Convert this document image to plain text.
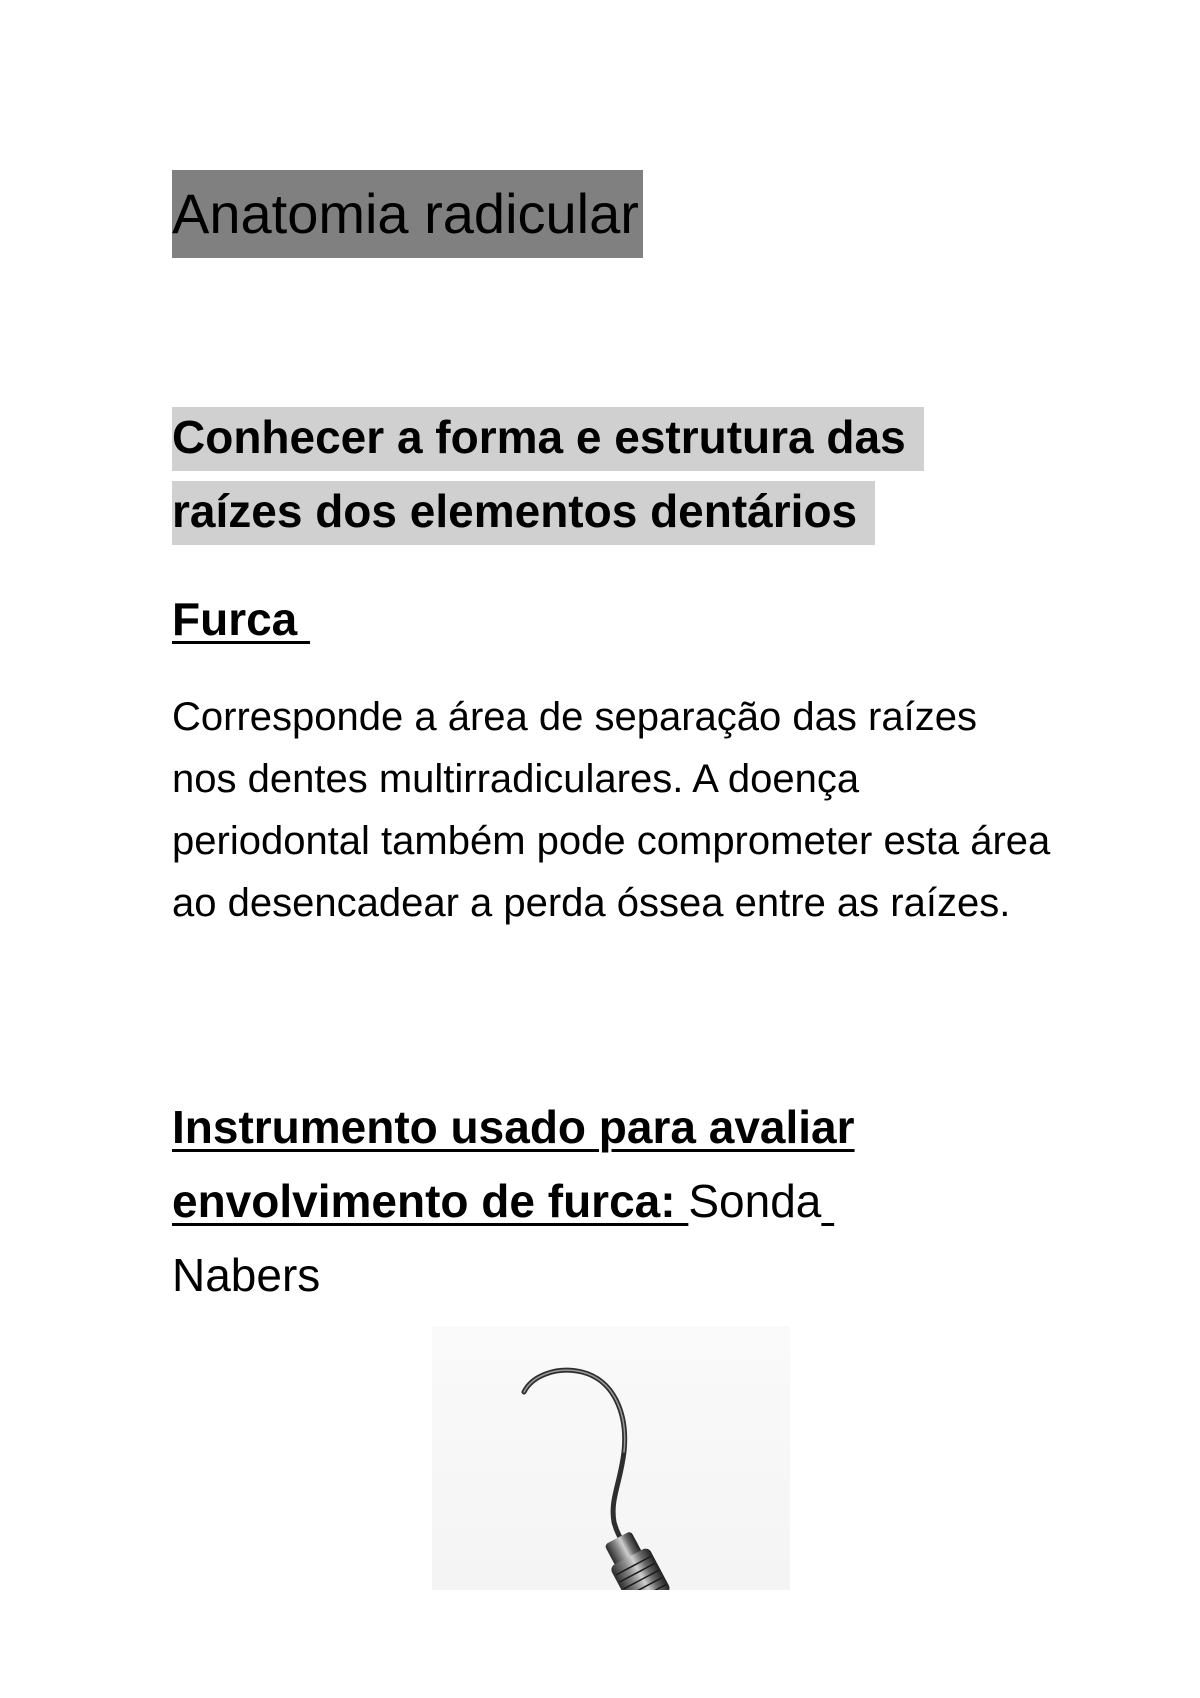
Anatomia radicular
Conhecer a forma e estrutura das raízes dos elementos dentários
Furca

Corresponde a área de separação das raízes nos dentes multirradiculares. A doença periodontal também pode comprometer esta área ao desencadear a perda óssea entre as raízes.

Instrumento usado para avaliar envolvimento de furca: Sonda
Nabers
